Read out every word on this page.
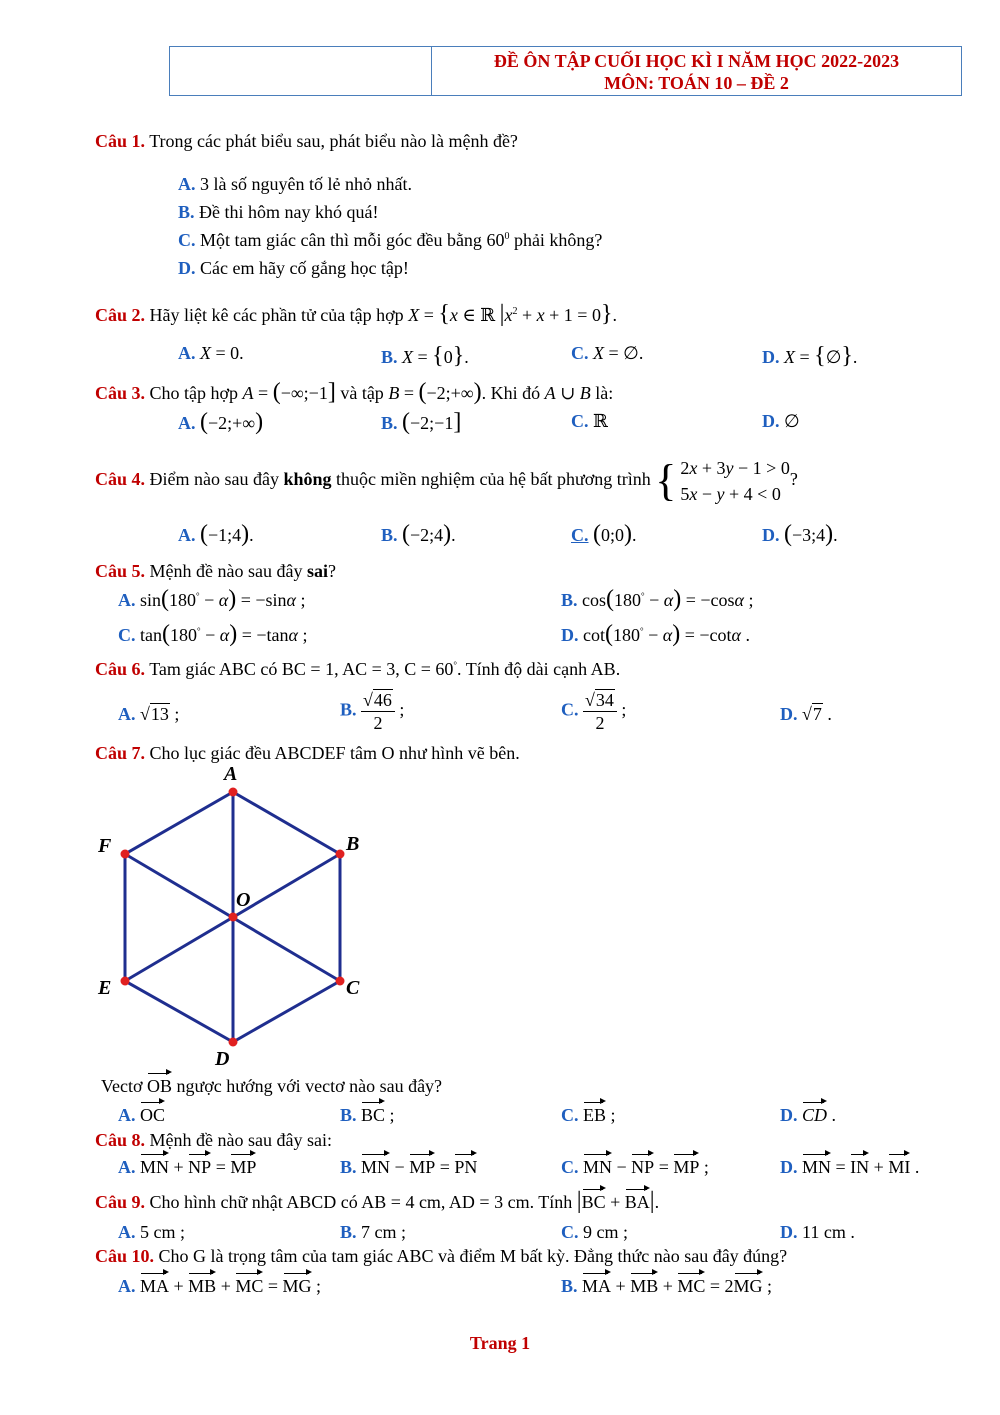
ĐỀ ÔN TẬP CUỐI HỌC KÌ I NĂM HỌC 2022-2023
MÔN: TOÁN 10 – ĐỀ 2
Câu 1. Trong các phát biểu sau, phát biểu nào là mệnh đề?
A. 3 là số nguyên tố lẻ nhỏ nhất.
B. Đề thi hôm nay khó quá!
C. Một tam giác cân thì mỗi góc đều bằng $60^0$ phải không?
D. Các em hãy cố gắng học tập!
Câu 2. Hãy liệt kê các phần tử của tập hợp X = {x ∈ ℝ $|x^2 + x + 1 = 0$}.
A. X = 0.	B. X = {0}.	C. X = ∅.	D. X = {∅}.
Câu 3. Cho tập hợp A = (−∞;−1] và tập B = (−2;+∞). Khi đó A ∪ B là:
A. (−2;+∞)	B. (−2;−1]	C. ℝ	D. ∅
Câu 4. Điểm nào sau đây không thuộc miền nghiệm của hệ bất phương trình { 2x + 3y − 1 > 0
5x − y + 4 < 0
?
A. (−1;4).	B. (−2;4).	C. (0;0).	D. (−3;4).
Câu 5. Mệnh đề nào sau đây sai?
A. sin(180° − α) = −sinα ;	B. cos(180° − α) = −cosα ;
C. tan(180° − α) = −tanα ;	D. cot(180° − α) = −cotα .
Câu 6. Tam giác ABC có BC = 1, AC = 3, C = 60°. Tính độ dài cạnh AB.
A. √13 ;	B. $\frac{√46}{2}$ ;	C. $\frac{√34}{2}$ ;	D. √7 .
Câu 7. Cho lục giác đều ABCDEF tâm O như hình vẽ bên.
A
B
C
D
E
F
O
Vectơ OB ngược hướng với vectơ nào sau đây?
A. OC	B. BC ;	C. EB ;	D. CD .
Câu 8. Mệnh đề nào sau đây sai:
A. MN + NP = MP	B. MN − MP = PN	C. MN − NP = MP ;	D. MN = IN + MI .
Câu 9. Cho hình chữ nhật ABCD có AB = 4 cm, AD = 3 cm. Tính |BC + BA|.
A. 5 cm ;	B. 7 cm ;	C. 9 cm ;	D. 11 cm .
Câu 10. Cho G là trọng tâm của tam giác ABC và điểm M bất kỳ. Đẳng thức nào sau đây đúng?
A. MA + MB + MC = MG ;	B. MA + MB + MC = 2MG ;
Trang 1
